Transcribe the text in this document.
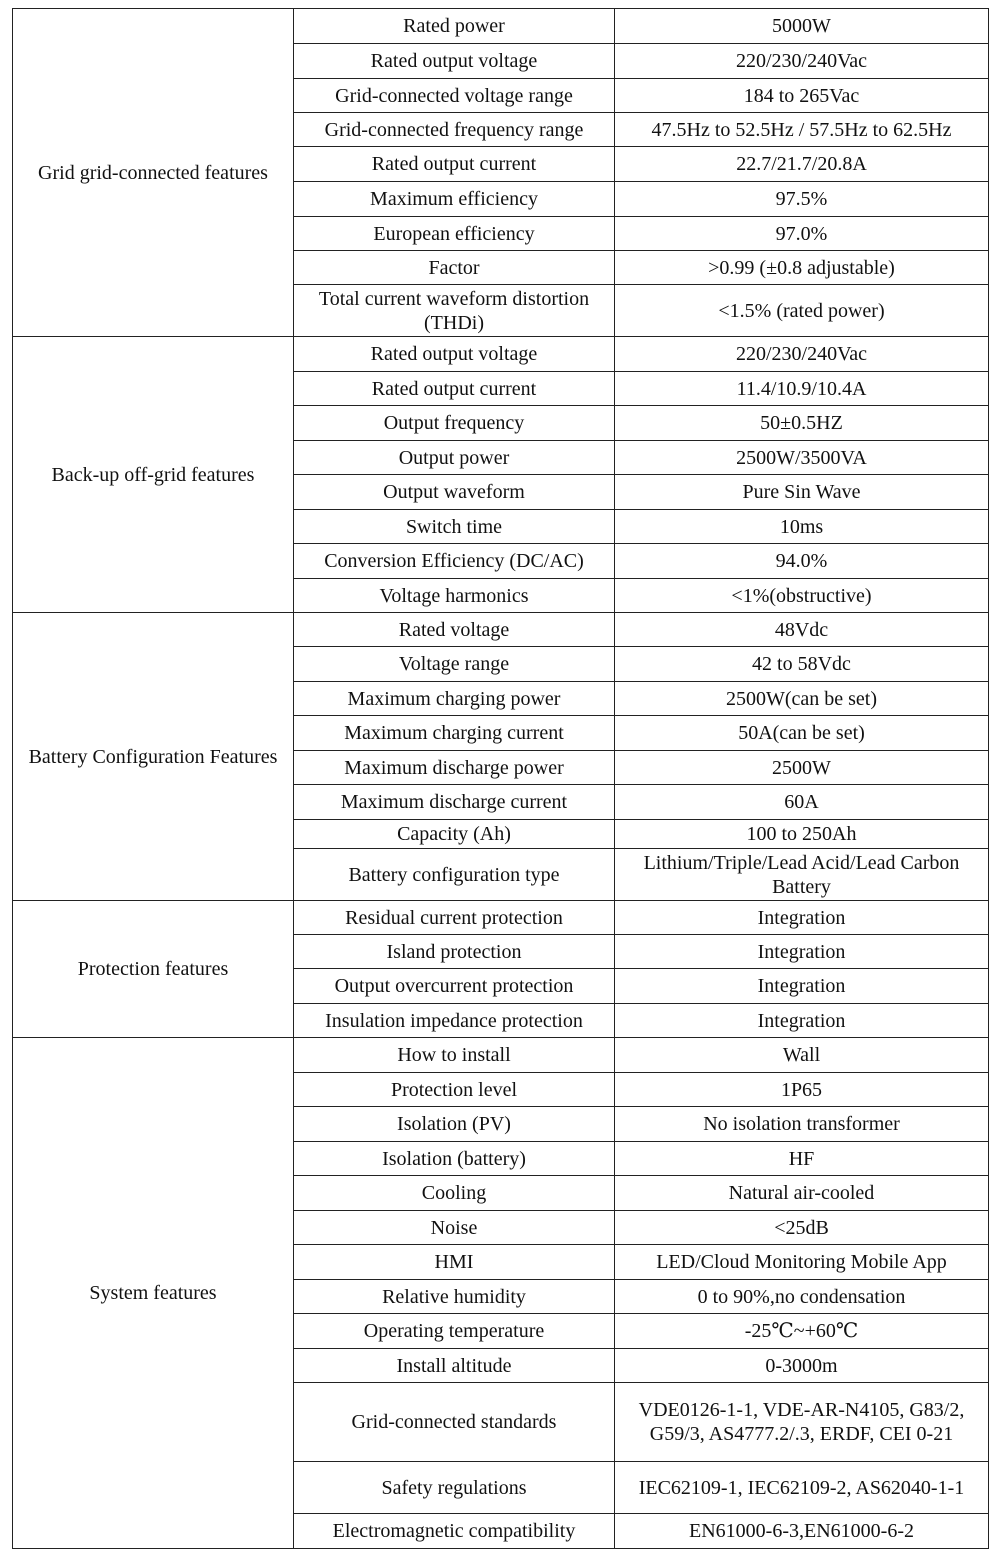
Grid grid-connected features	Rated power	5000W
	Rated output voltage	220/230/240Vac
	Grid-connected voltage range	184 to 265Vac
	Grid-connected frequency range	47.5Hz to 52.5Hz / 57.5Hz to 62.5Hz
	Rated output current	22.7/21.7/20.8A
	Maximum efficiency	97.5%
	European efficiency	97.0%
	Factor	>0.99 (±0.8 adjustable)
	Total current waveform distortion (THDi)	<1.5% (rated power)
Back-up off-grid features	Rated output voltage	220/230/240Vac
	Rated output current	11.4/10.9/10.4A
	Output frequency	50±0.5HZ
	Output power	2500W/3500VA
	Output waveform	Pure Sin Wave
	Switch time	10ms
	Conversion Efficiency (DC/AC)	94.0%
	Voltage harmonics	<1%(obstructive)
Battery Configuration Features	Rated voltage	48Vdc
	Voltage range	42 to 58Vdc
	Maximum charging power	2500W(can be set)
	Maximum charging current	50A(can be set)
	Maximum discharge power	2500W
	Maximum discharge current	60A
	Capacity (Ah)	100 to 250Ah
	Battery configuration type	Lithium/Triple/Lead Acid/Lead Carbon Battery
Protection features	Residual current protection	Integration
	Island protection	Integration
	Output overcurrent protection	Integration
	Insulation impedance protection	Integration
System features	How to install	Wall
	Protection level	1P65
	Isolation (PV)	No isolation transformer
	Isolation (battery)	HF
	Cooling	Natural air-cooled
	Noise	<25dB
	HMI	LED/Cloud Monitoring Mobile App
	Relative humidity	0 to 90%,no condensation
	Operating temperature	-25℃~+60℃
	Install altitude	0-3000m
	Grid-connected standards	VDE0126-1-1, VDE-AR-N4105, G83/2, G59/3, AS4777.2/.3, ERDF, CEI 0-21
	Safety regulations	IEC62109-1, IEC62109-2, AS62040-1-1
	Electromagnetic compatibility	EN61000-6-3,EN61000-6-2
